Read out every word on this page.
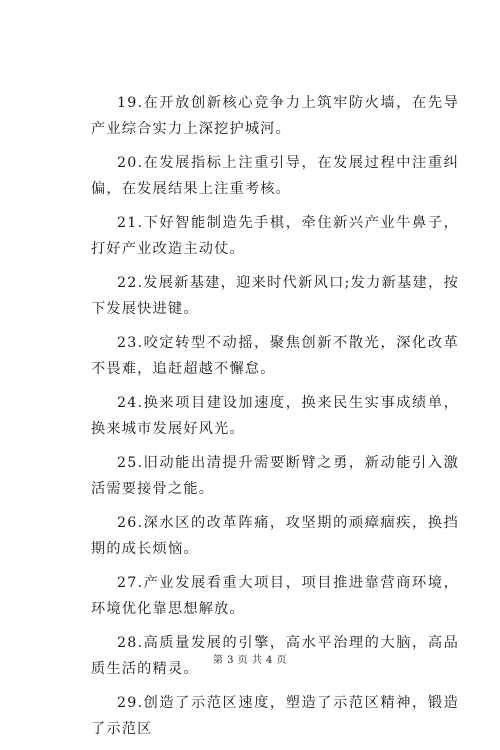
19.在开放创新核心竞争力上筑牢防火墙，在先导产业综合实力上深挖护城河。

20.在发展指标上注重引导，在发展过程中注重纠偏，在发展结果上注重考核。

21.下好智能制造先手棋，牵住新兴产业牛鼻子，打好产业改造主动仗。

22.发展新基建，迎来时代新风口;发力新基建，按下发展快进键。

23.咬定转型不动摇，聚焦创新不散光，深化改革不畏难，追赶超越不懈怠。

24.换来项目建设加速度，换来民生实事成绩单，换来城市发展好风光。

25.旧动能出清提升需要断臂之勇，新动能引入激活需要接骨之能。

26.深水区的改革阵痛，攻坚期的顽瘴痼疾，换挡期的成长烦恼。

27.产业发展看重大项目，项目推进靠营商环境，环境优化靠思想解放。

28.高质量发展的引擎，高水平治理的大脑，高品质生活的精灵。

29.创造了示范区速度，塑造了示范区精神，锻造了示范区

第 3 页 共 4 页
